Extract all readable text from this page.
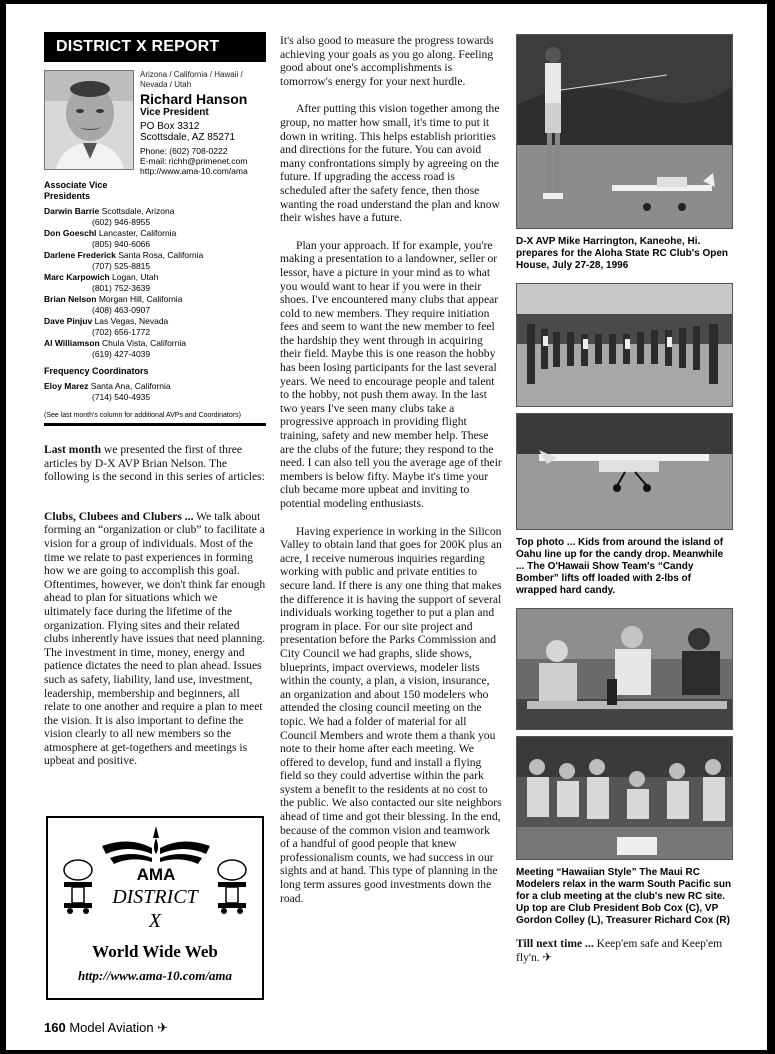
DISTRICT X REPORT
Arizona / California / Hawaii / Nevada / Utah
Richard Hanson
Vice President
PO Box 3312
Scottsdale, AZ 85271
Phone: (602) 708-0222
E-mail: richh@primenet.com
http://www.ama-10.com/ama
Associate Vice Presidents
Darwin Barrie Scottsdale, Arizona
(602) 946-8955
Don Goeschl Lancaster, California
(805) 940-6066
Darlene Frederick Santa Rosa, California
(707) 525-8815
Marc Karpowich Logan, Utah
(801) 752-3639
Brian Nelson Morgan Hill, California
(408) 463-0907
Dave Pinjuv Las Vegas, Nevada
(702) 656-1772
Al Williamson Chula Vista, California
(619) 427-4039
Frequency Coordinators
Eloy Marez Santa Ana, California
(714) 540-4935
(See last month's column for additional AVPs and Coordinators)

Last month we presented the first of three articles by D-X AVP Brian Nelson. The following is the second in this series of articles:

Clubs, Clubees and Clubers ... We talk about forming an “organization or club” to facilitate a vision for a group of individuals. Most of the time we relate to past experiences in forming how we are going to accomplish this goal. Oftentimes, however, we don't think far enough ahead to plan for situations which we ultimately face during the lifetime of the organization. Flying sites and their related clubs inherently have issues that need planning. The investment in time, money, energy and patience dictates the need to plan ahead. Issues such as safety, liability, land use, investment, leadership, membership and beginners, all relate to one another and require a plan to meet the vision. It is also important to define the vision clearly to all new members so the atmosphere at get-togethers and meetings is upbeat and positive.

AMA
DISTRICT
X
World Wide Web
http://www.ama-10.com/ama

It's also good to measure the progress towards achieving your goals as you go along. Feeling good about one's accomplishments is tomorrow's energy for your next hurdle.

After putting this vision together among the group, no matter how small, it's time to put it down in writing. This helps establish priorities and directions for the future. You can avoid many confrontations simply by agreeing on the future. If upgrading the access road is scheduled after the safety fence, then those wanting the road understand the plan and know their wishes have a future.

Plan your approach. If for example, you're making a presentation to a landowner, seller or lessor, have a picture in your mind as to what you would want to hear if you were in their shoes. I've encountered many clubs that appear cold to new members. They require initiation fees and seem to want the new member to feel the hardship they went through in acquiring their field. Maybe this is one reason the hobby has been losing participants for the last several years. We need to encourage people and talent to the hobby, not push them away. In the last two years I've seen many clubs take a progressive approach in providing flight training, safety and new member help. These are the clubs of the future; they respond to the need. I can also tell you the average age of their members is below fifty. Maybe it's time your club became more upbeat and inviting to potential modeling enthusiasts.

Having experience in working in the Silicon Valley to obtain land that goes for 200K plus an acre, I receive numerous inquiries regarding working with public and private entities to secure land. If there is any one thing that makes the difference it is having the support of several individuals working together to put a plan and program in place. For our site project and presentation before the Parks Commission and City Council we had graphs, slide shows, blueprints, impact overviews, modeler lists within the county, a plan, a vision, insurance, an organization and about 150 modelers who attended the closing council meeting on the topic. We had a folder of material for all Council Members and wrote them a thank you note to their home after each meeting. We offered to develop, fund and install a flying field so they could advertise within the park system a benefit to the residents at no cost to the public. We also contacted our site neighbors ahead of time and got their blessing. In the end, because of the common vision and teamwork of a handful of good people that knew professionalism counts, we had success in our sights and at hand. This type of planning in the long term assures good investments down the road.

D-X AVP Mike Harrington, Kaneohe, Hi. prepares for the Aloha State RC Club's Open House, July 27-28, 1996
Top photo ... Kids from around the island of Oahu line up for the candy drop. Meanwhile ... The O'Hawaii Show Team's “Candy Bomber” lifts off loaded with 2-lbs of wrapped hard candy.
Meeting “Hawaiian Style” The Maui RC Modelers relax in the warm South Pacific sun for a club meeting at the club's new RC site. Up top are Club President Bob Cox (C), VP Gordon Colley (L), Treasurer Richard Cox (R)

Till next time ... Keep'em safe and Keep'em fly'n. ✈

160 Model Aviation ✈
